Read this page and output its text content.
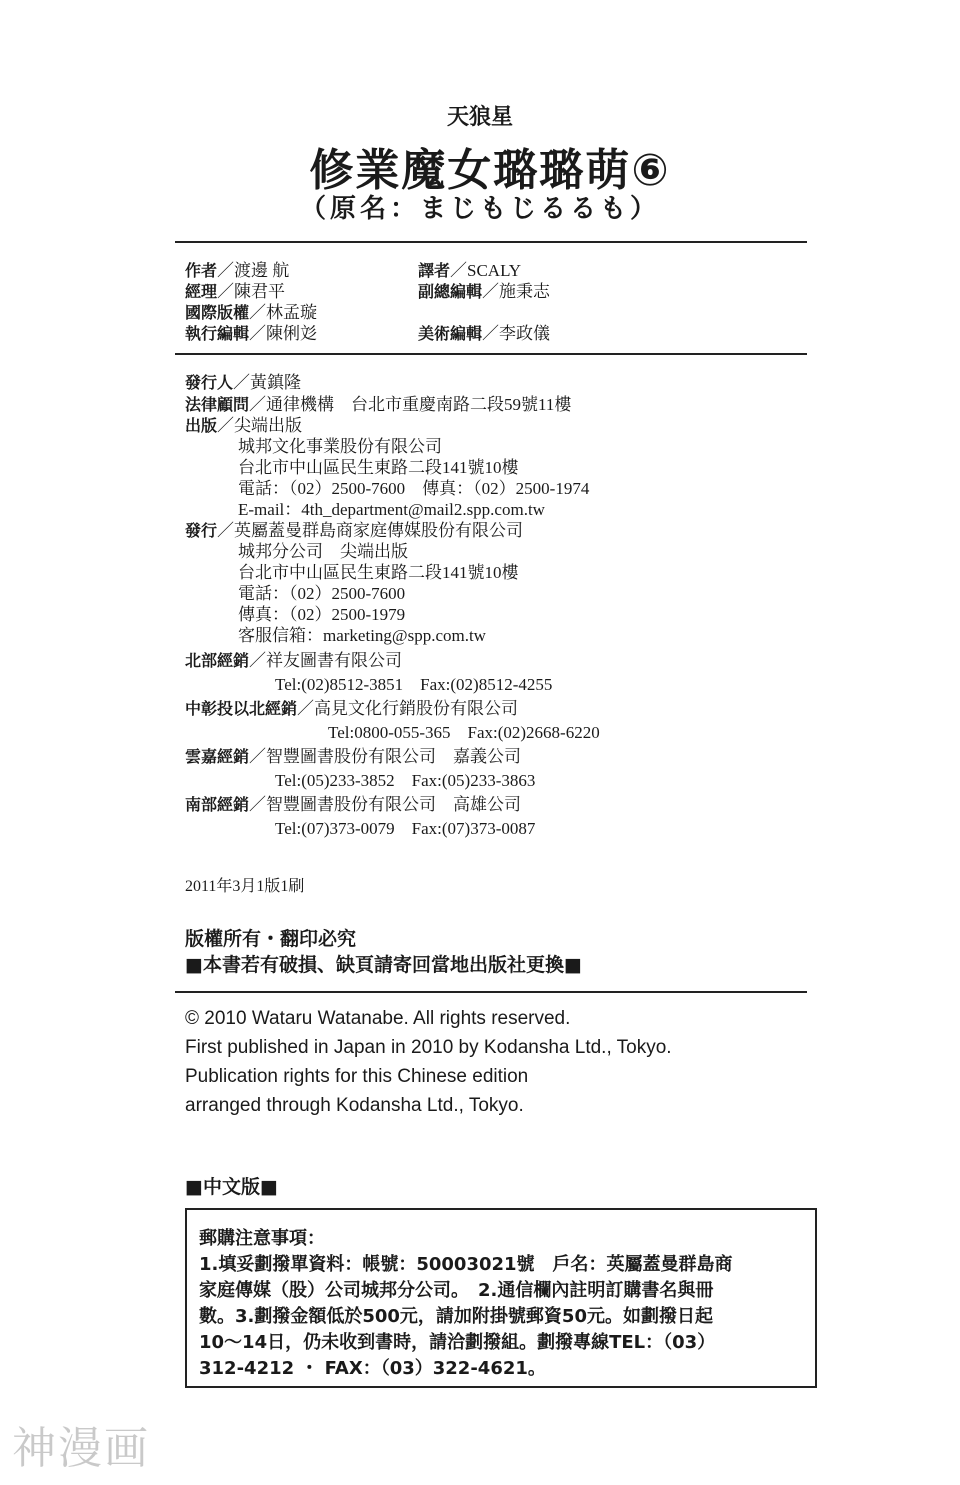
天狼星
修業魔女璐璐萌⑥
（原名：まじもじるるも）
作者／渡邊 航	譯者／SCALY
經理／陳君平	副總編輯／施秉志
國際版權／林孟璇
執行編輯／陳俐彣	美術編輯／李政儀
發行人／黃鎮隆
法律顧問／通律機構　台北市重慶南路二段59號11樓
出版／尖端出版
城邦文化事業股份有限公司
台北市中山區民生東路二段141號10樓
電話：（02）2500-7600　傳真：（02）2500-1974
E-mail：4th_department@mail2.spp.com.tw
發行／英屬蓋曼群島商家庭傳媒股份有限公司
城邦分公司　尖端出版
台北市中山區民生東路二段141號10樓
電話：（02）2500-7600
傳真：（02）2500-1979
客服信箱：marketing@spp.com.tw
北部經銷／祥友圖書有限公司
Tel:(02)8512-3851　Fax:(02)8512-4255
中彰投以北經銷／高見文化行銷股份有限公司
Tel:0800-055-365　Fax:(02)2668-6220
雲嘉經銷／智豐圖書股份有限公司　嘉義公司
Tel:(05)233-3852　Fax:(05)233-3863
南部經銷／智豐圖書股份有限公司　高雄公司
Tel:(07)373-0079　Fax:(07)373-0087
2011年3月1版1刷
版權所有・翻印必究
■本書若有破損、缺頁請寄回當地出版社更換■
© 2010 Wataru Watanabe. All rights reserved.
First published in Japan in 2010 by Kodansha Ltd., Tokyo.
Publication rights for this Chinese edition
arranged through Kodansha Ltd., Tokyo.
■中文版■
郵購注意事項：
1.填妥劃撥單資料：帳號：50003021號　戶名：英屬蓋曼群島商
家庭傳媒（股）公司城邦分公司。　2.通信欄內註明訂購書名與冊
數。3.劃撥金額低於500元，請加附掛號郵資50元。如劃撥日起
10～14日，仍未收到書時，請洽劃撥組。劃撥專線TEL：（03）
312-4212 ・ FAX：（03）322-4621。
神漫画
